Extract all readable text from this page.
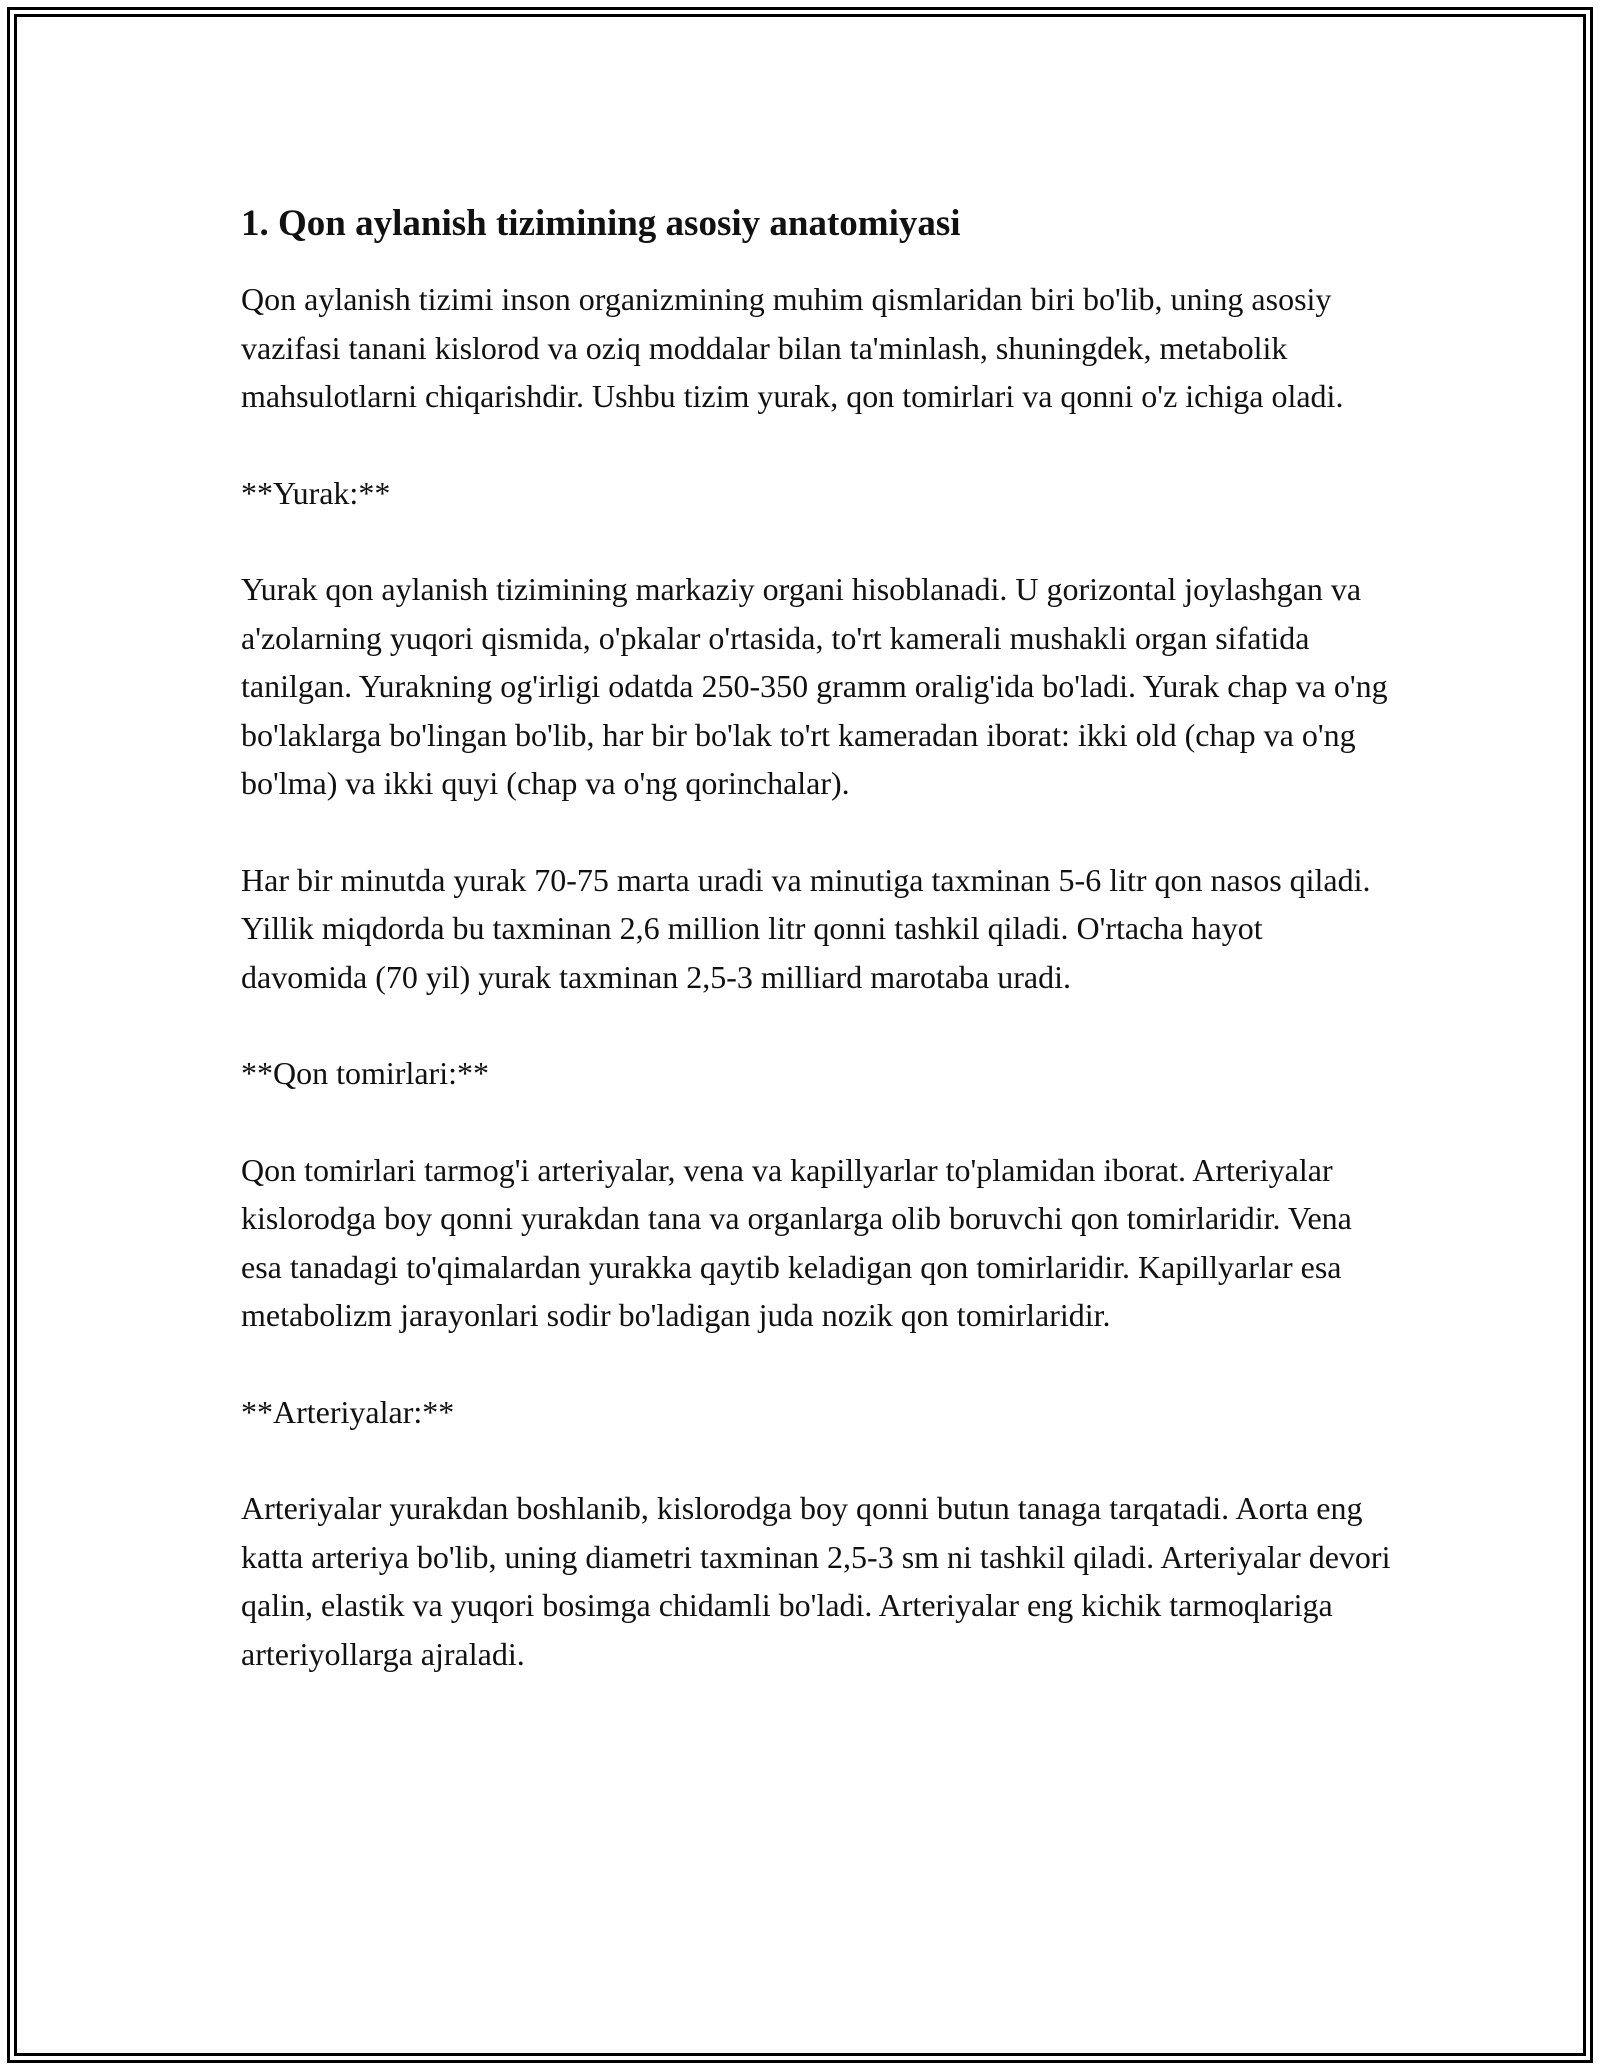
1. Qon aylanish tizimining asosiy anatomiyasi

Qon aylanish tizimi inson organizmining muhim qismlaridan biri bo'lib, uning asosiy vazifasi tanani kislorod va oziq moddalar bilan ta'minlash, shuningdek, metabolik mahsulotlarni chiqarishdir. Ushbu tizim yurak, qon tomirlari va qonni o'z ichiga oladi.

**Yurak:**

Yurak qon aylanish tizimining markaziy organi hisoblanadi. U gorizontal joylashgan va a'zolarning yuqori qismida, o'pkalar o'rtasida, to'rt kamerali mushakli organ sifatida tanilgan. Yurakning og'irligi odatda 250-350 gramm oralig'ida bo'ladi. Yurak chap va o'ng bo'laklarga bo'lingan bo'lib, har bir bo'lak to'rt kameradan iborat: ikki old (chap va o'ng bo'lma) va ikki quyi (chap va o'ng qorinchalar).

Har bir minutda yurak 70-75 marta uradi va minutiga taxminan 5-6 litr qon nasos qiladi. Yillik miqdorda bu taxminan 2,6 million litr qonni tashkil qiladi. O'rtacha hayot davomida (70 yil) yurak taxminan 2,5-3 milliard marotaba uradi.

**Qon tomirlari:**

Qon tomirlari tarmog'i arteriyalar, vena va kapillyarlar to'plamidan iborat. Arteriyalar kislorodga boy qonni yurakdan tana va organlarga olib boruvchi qon tomirlaridir. Vena esa tanadagi to'qimalardan yurakka qaytib keladigan qon tomirlaridir. Kapillyarlar esa metabolizm jarayonlari sodir bo'ladigan juda nozik qon tomirlaridir.

**Arteriyalar:**

Arteriyalar yurakdan boshlanib, kislorodga boy qonni butun tanaga tarqatadi. Aorta eng katta arteriya bo'lib, uning diametri taxminan 2,5-3 sm ni tashkil qiladi. Arteriyalar devori qalin, elastik va yuqori bosimga chidamli bo'ladi. Arteriyalar eng kichik tarmoqlariga arteriyollarga ajraladi.
